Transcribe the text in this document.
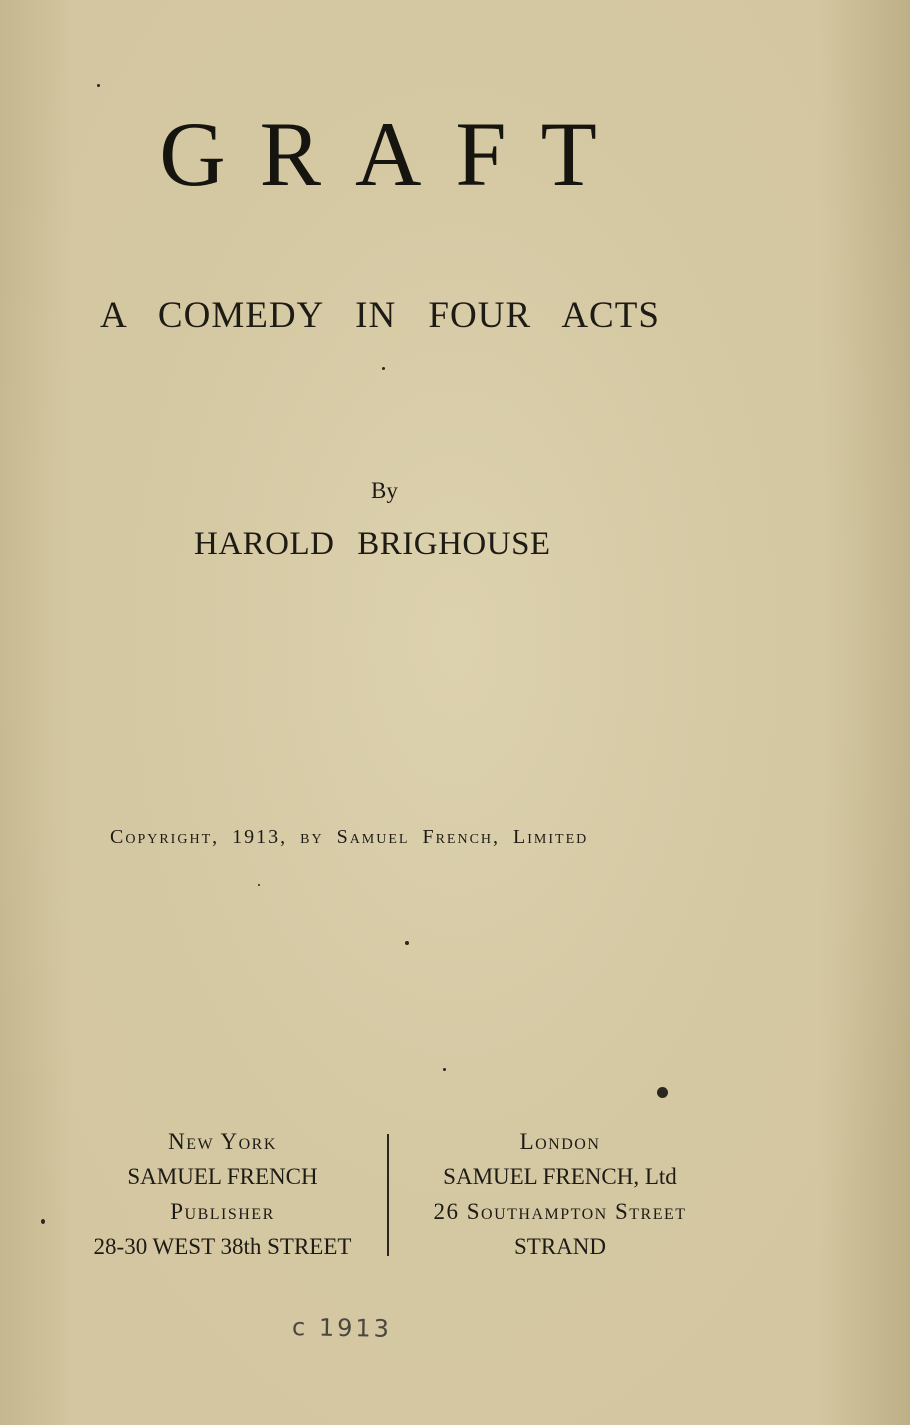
GRAFT
A COMEDY IN FOUR ACTS
By
HAROLD BRIGHOUSE
Copyright, 1913, by Samuel French, Limited
New York
SAMUEL FRENCH
Publisher
28-30 WEST 38th STREET
London
SAMUEL FRENCH, Ltd
26 Southampton Street
STRAND
c 1913
